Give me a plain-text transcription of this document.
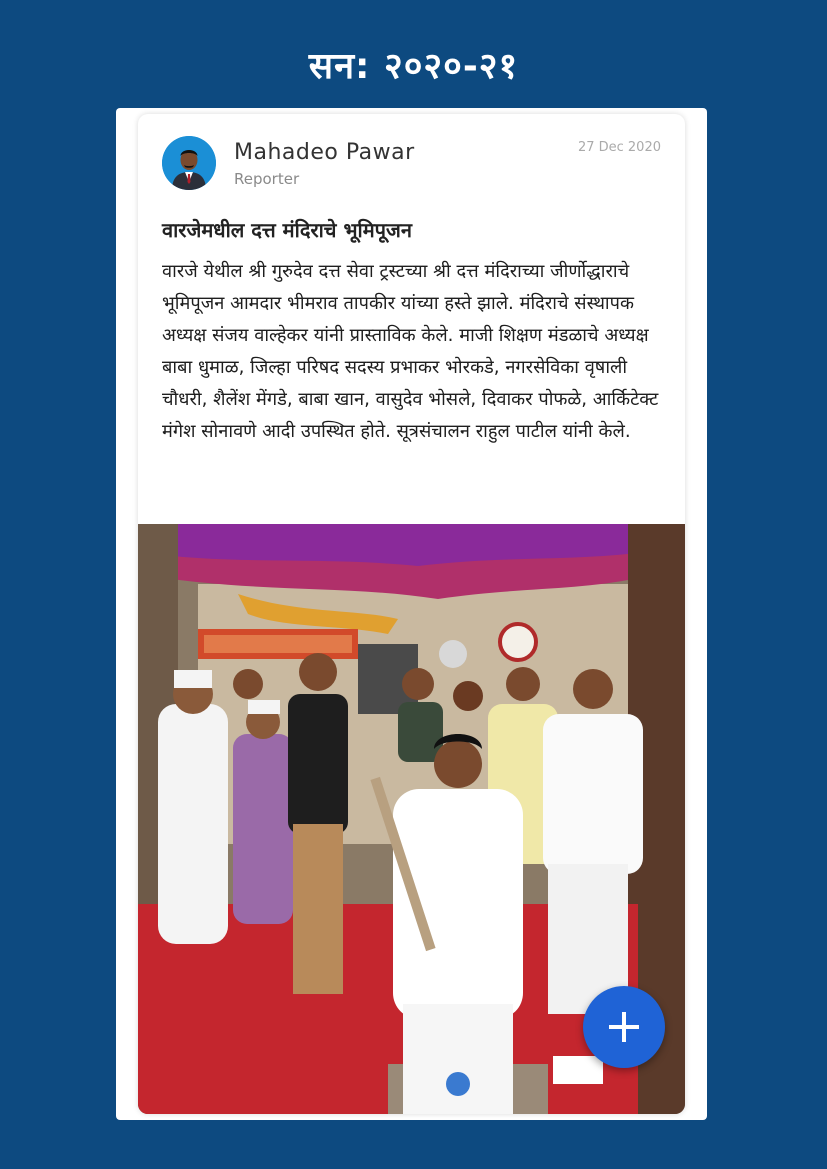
सन: २०२०-२१
Mahadeo Pawar
Reporter
27 Dec 2020
वारजेमधील दत्त मंदिराचे भूमिपूजन
वारजे येथील श्री गुरुदेव दत्त सेवा ट्रस्टच्या श्री दत्त मंदिराच्या जीर्णोद्धाराचे भूमिपूजन आमदार भीमराव तापकीर यांच्या हस्ते झाले. मंदिराचे संस्थापक अध्यक्ष संजय वाल्हेकर यांनी प्रास्ताविक केले. माजी शिक्षण मंडळाचे अध्यक्ष बाबा धुमाळ, जिल्हा परिषद सदस्य प्रभाकर भोरकडे, नगरसेविका वृषाली चौधरी, शैलेंश मेंगडे, बाबा खान, वासुदेव भोसले, दिवाकर पोफळे, आर्किटेक्ट मंगेश सोनावणे आदी उपस्थित होते. सूत्रसंचालन राहुल पाटील यांनी केले.
